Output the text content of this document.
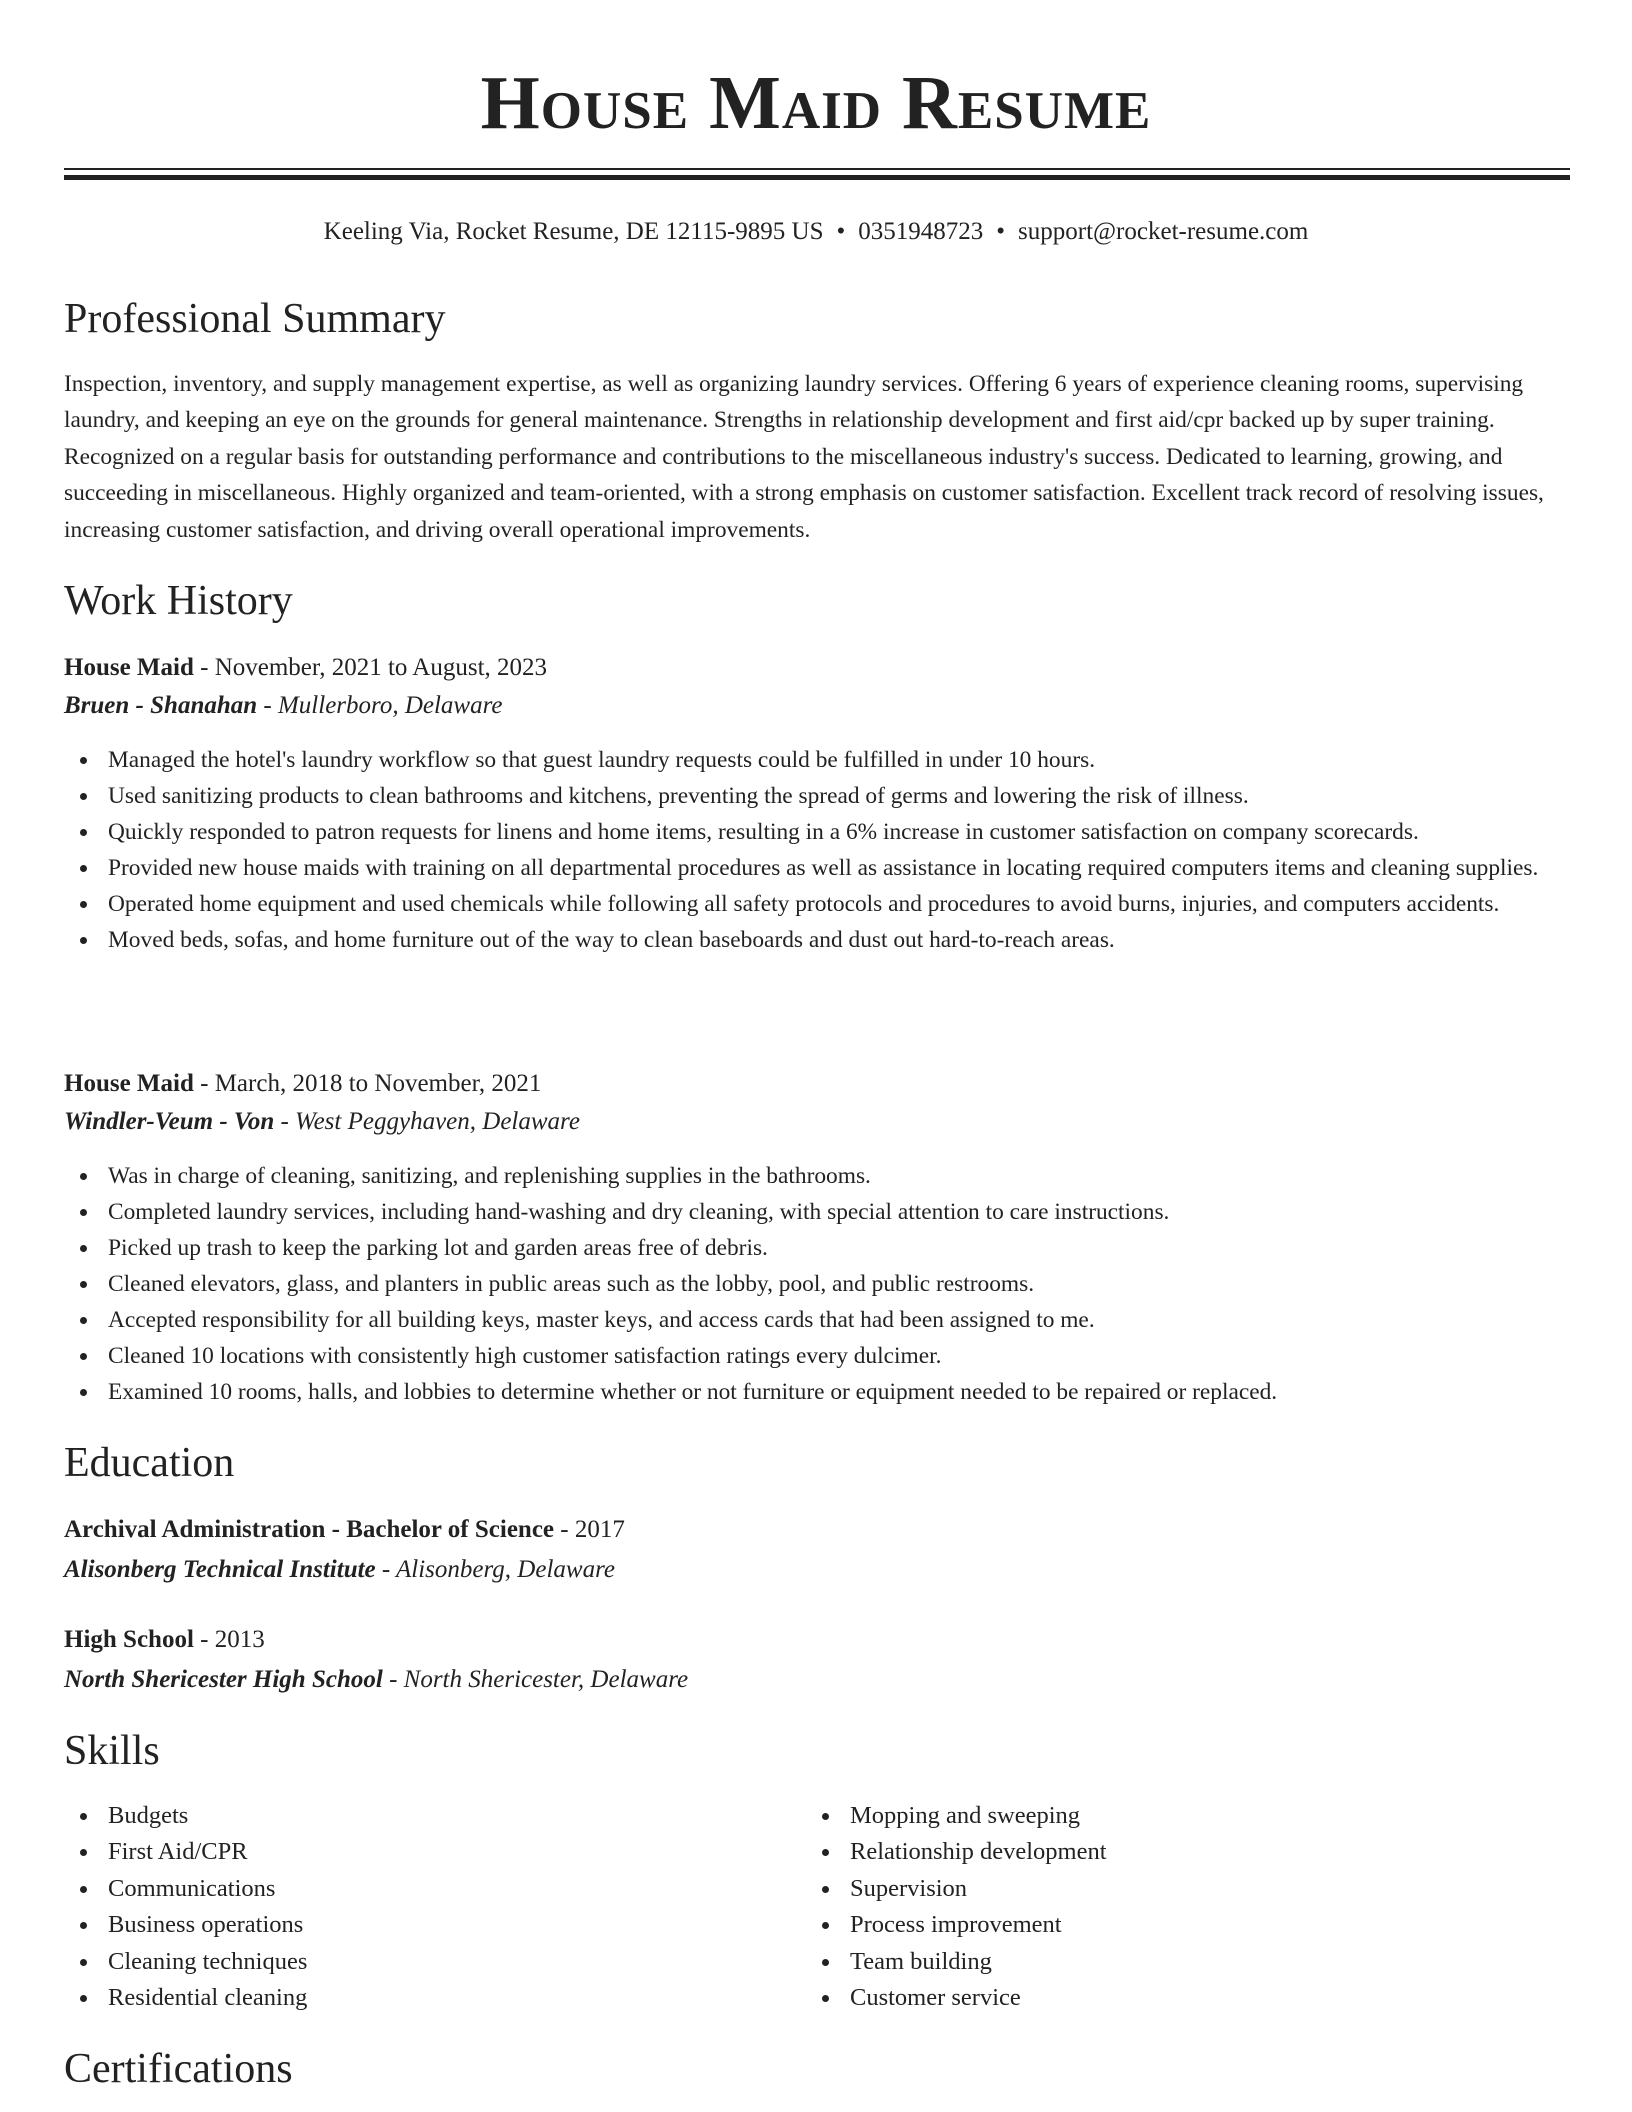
House Maid Resume
Keeling Via, Rocket Resume, DE 12115-9895 US • 0351948723 • support@rocket-resume.com
Professional Summary

Inspection, inventory, and supply management expertise, as well as organizing laundry services. Offering 6 years of experience cleaning rooms, supervising laundry, and keeping an eye on the grounds for general maintenance. Strengths in relationship development and first aid/cpr backed up by super training. Recognized on a regular basis for outstanding performance and contributions to the miscellaneous industry's success. Dedicated to learning, growing, and succeeding in miscellaneous. Highly organized and team-oriented, with a strong emphasis on customer satisfaction. Excellent track record of resolving issues, increasing customer satisfaction, and driving overall operational improvements.

Work History
House Maid - November, 2021 to August, 2023
Bruen - Shanahan - Mullerboro, Delaware
Managed the hotel's laundry workflow so that guest laundry requests could be fulfilled in under 10 hours.
Used sanitizing products to clean bathrooms and kitchens, preventing the spread of germs and lowering the risk of illness.
Quickly responded to patron requests for linens and home items, resulting in a 6% increase in customer satisfaction on company scorecards.
Provided new house maids with training on all departmental procedures as well as assistance in locating required computers items and cleaning supplies.
Operated home equipment and used chemicals while following all safety protocols and procedures to avoid burns, injuries, and computers accidents.
Moved beds, sofas, and home furniture out of the way to clean baseboards and dust out hard-to-reach areas.
House Maid - March, 2018 to November, 2021
Windler-Veum - Von - West Peggyhaven, Delaware
Was in charge of cleaning, sanitizing, and replenishing supplies in the bathrooms.
Completed laundry services, including hand-washing and dry cleaning, with special attention to care instructions.
Picked up trash to keep the parking lot and garden areas free of debris.
Cleaned elevators, glass, and planters in public areas such as the lobby, pool, and public restrooms.
Accepted responsibility for all building keys, master keys, and access cards that had been assigned to me.
Cleaned 10 locations with consistently high customer satisfaction ratings every dulcimer.
Examined 10 rooms, halls, and lobbies to determine whether or not furniture or equipment needed to be repaired or replaced.
Education
Archival Administration - Bachelor of Science - 2017
Alisonberg Technical Institute - Alisonberg, Delaware
High School - 2013
North Shericester High School - North Shericester, Delaware
Skills
Budgets
First Aid/CPR
Communications
Business operations
Cleaning techniques
Residential cleaning
Mopping and sweeping
Relationship development
Supervision
Process improvement
Team building
Customer service
Certifications
